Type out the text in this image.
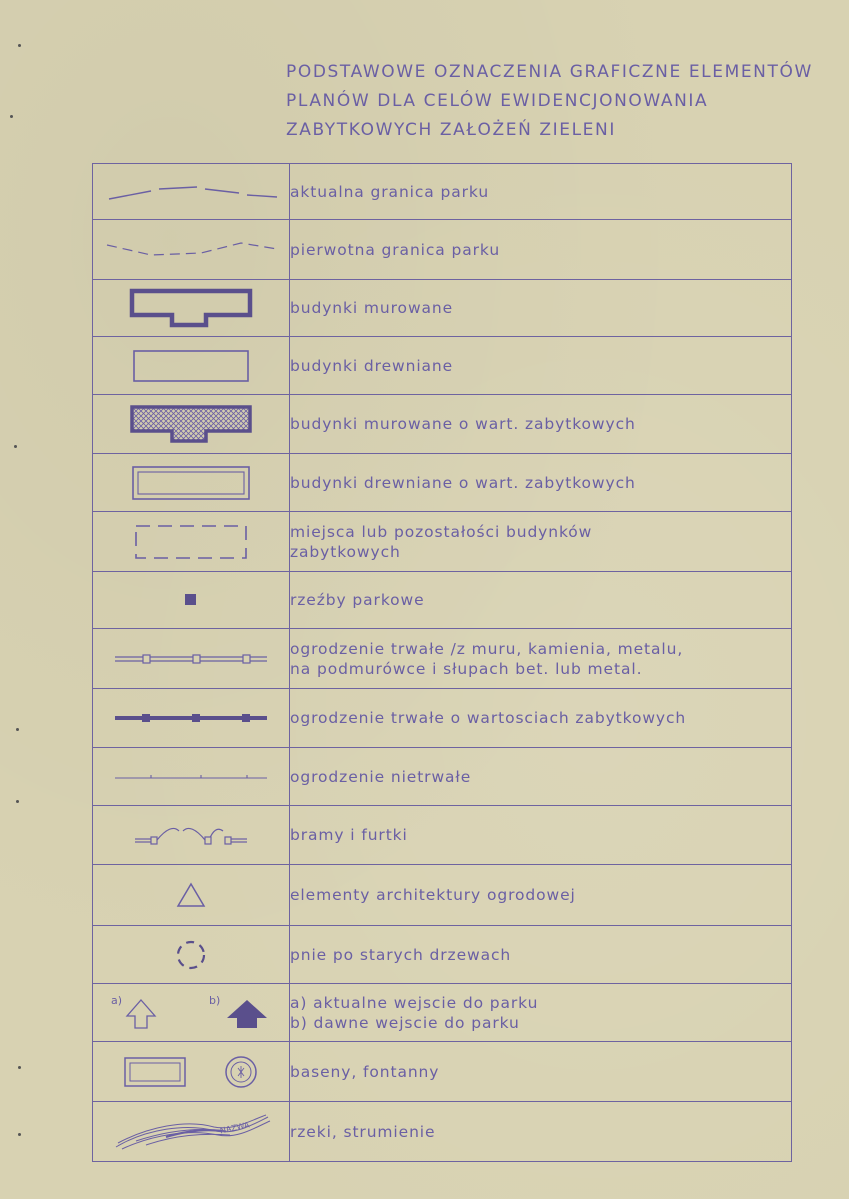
PODSTAWOWE OZNACZENIA GRAFICZNE ELEMENTÓW
PLANÓW DLA CELÓW EWIDENCJONOWANIA
ZABYTKOWYCH ZAŁOŻEŃ ZIELENI

aktualna granica parku

pierwotna granica parku

budynki murowane

budynki drewniane

budynki murowane o wart. zabytkowych

budynki drewniane o wart. zabytkowych

miejsca lub pozostałości budynków
zabytkowych

rzeźby parkowe

ogrodzenie trwałe /z muru, kamienia, metalu,
na podmurówce i słupach bet. lub metal.

ogrodzenie trwałe o wartosciach zabytkowych

ogrodzenie nietrwałe

bramy i furtki

elementy architektury ogrodowej

pnie po starych drzewach

a) b)	a) aktualne wejscie do parku
b) dawne wejscie do parku

baseny, fontanny

NAZWA	rzeki, strumienie
